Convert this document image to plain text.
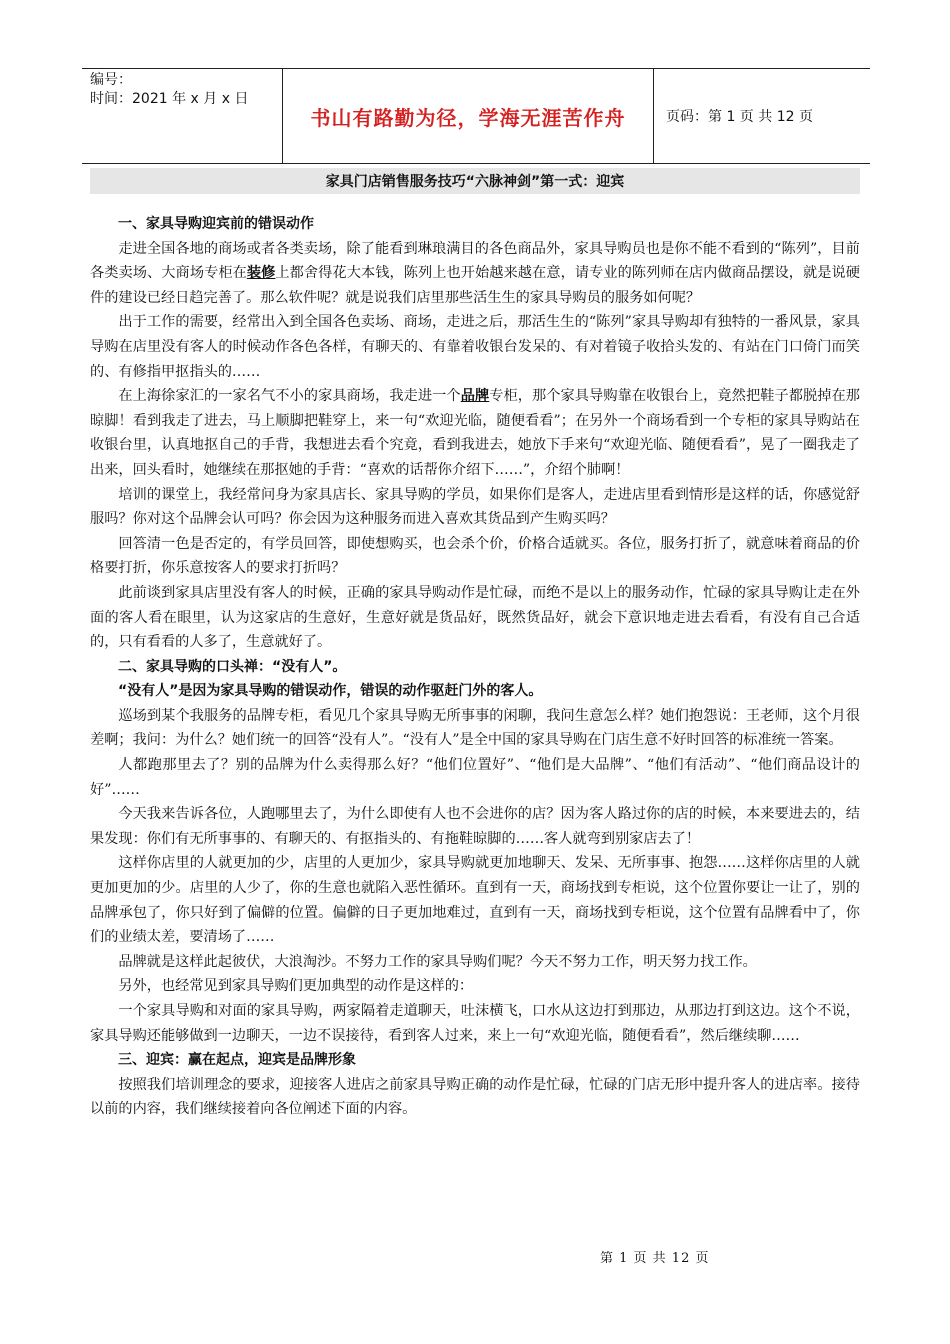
编号：
时间：2021 年 x 月 x 日
书山有路勤为径，学海无涯苦作舟	页码：第 1 页 共 12 页
家具门店销售服务技巧“六脉神剑”第一式：迎宾

一、家具导购迎宾前的错误动作

走进全国各地的商场或者各类卖场，除了能看到琳琅满目的各色商品外，家具导购员也是你不能不看到的“陈列”，目前各类卖场、大商场专柜在装修上都舍得花大本钱，陈列上也开始越来越在意，请专业的陈列师在店内做商品摆设，就是说硬件的建设已经日趋完善了。那么软件呢？就是说我们店里那些活生生的家具导购员的服务如何呢？

出于工作的需要，经常出入到全国各色卖场、商场，走进之后，那活生生的“陈列”家具导购却有独特的一番风景，家具导购在店里没有客人的时候动作各色各样，有聊天的、有靠着收银台发呆的、有对着镜子收拾头发的、有站在门口倚门而笑的、有修指甲抠指头的……

在上海徐家汇的一家名气不小的家具商场，我走进一个品牌专柜，那个家具导购靠在收银台上，竟然把鞋子都脱掉在那晾脚！看到我走了进去，马上顺脚把鞋穿上，来一句“欢迎光临，随便看看”；在另外一个商场看到一个专柜的家具导购站在收银台里，认真地抠自己的手背，我想进去看个究竟，看到我进去，她放下手来句“欢迎光临、随便看看”，晃了一圈我走了出来，回头看时，她继续在那抠她的手背：“喜欢的话帮你介绍下……”，介绍个肺啊！

培训的课堂上，我经常问身为家具店长、家具导购的学员，如果你们是客人，走进店里看到情形是这样的话，你感觉舒服吗？你对这个品牌会认可吗？你会因为这种服务而进入喜欢其货品到产生购买吗？

回答清一色是否定的，有学员回答，即使想购买，也会杀个价，价格合适就买。各位，服务打折了，就意味着商品的价格要打折，你乐意按客人的要求打折吗？

此前谈到家具店里没有客人的时候，正确的家具导购动作是忙碌，而绝不是以上的服务动作，忙碌的家具导购让走在外面的客人看在眼里，认为这家店的生意好，生意好就是货品好，既然货品好，就会下意识地走进去看看，有没有自己合适的，只有看看的人多了，生意就好了。

二、家具导购的口头禅：“没有人”。

“没有人”是因为家具导购的错误动作，错误的动作驱赶门外的客人。

巡场到某个我服务的品牌专柜，看见几个家具导购无所事事的闲聊，我问生意怎么样？她们抱怨说：王老师，这个月很差啊；我问：为什么？她们统一的回答“没有人”。“没有人”是全中国的家具导购在门店生意不好时回答的标准统一答案。

人都跑那里去了？别的品牌为什么卖得那么好？“他们位置好”、“他们是大品牌”、“他们有活动”、“他们商品设计的好”……

今天我来告诉各位，人跑哪里去了，为什么即使有人也不会进你的店？因为客人路过你的店的时候，本来要进去的，结果发现：你们有无所事事的、有聊天的、有抠指头的、有拖鞋晾脚的……客人就弯到别家店去了！

这样你店里的人就更加的少，店里的人更加少，家具导购就更加地聊天、发呆、无所事事、抱怨……这样你店里的人就更加更加的少。店里的人少了，你的生意也就陷入恶性循环。直到有一天，商场找到专柜说，这个位置你要让一让了，别的品牌承包了，你只好到了偏僻的位置。偏僻的日子更加地难过，直到有一天，商场找到专柜说，这个位置有品牌看中了，你们的业绩太差，要清场了……

品牌就是这样此起彼伏，大浪淘沙。不努力工作的家具导购们呢？今天不努力工作，明天努力找工作。

另外，也经常见到家具导购们更加典型的动作是这样的：

一个家具导购和对面的家具导购，两家隔着走道聊天，吐沫横飞，口水从这边打到那边，从那边打到这边。这个不说，家具导购还能够做到一边聊天，一边不误接待，看到客人过来，来上一句“欢迎光临，随便看看”，然后继续聊……

三、迎宾：赢在起点，迎宾是品牌形象

按照我们培训理念的要求，迎接客人进店之前家具导购正确的动作是忙碌，忙碌的门店无形中提升客人的进店率。接待以前的内容，我们继续接着向各位阐述下面的内容。

第 1 页 共 12 页
